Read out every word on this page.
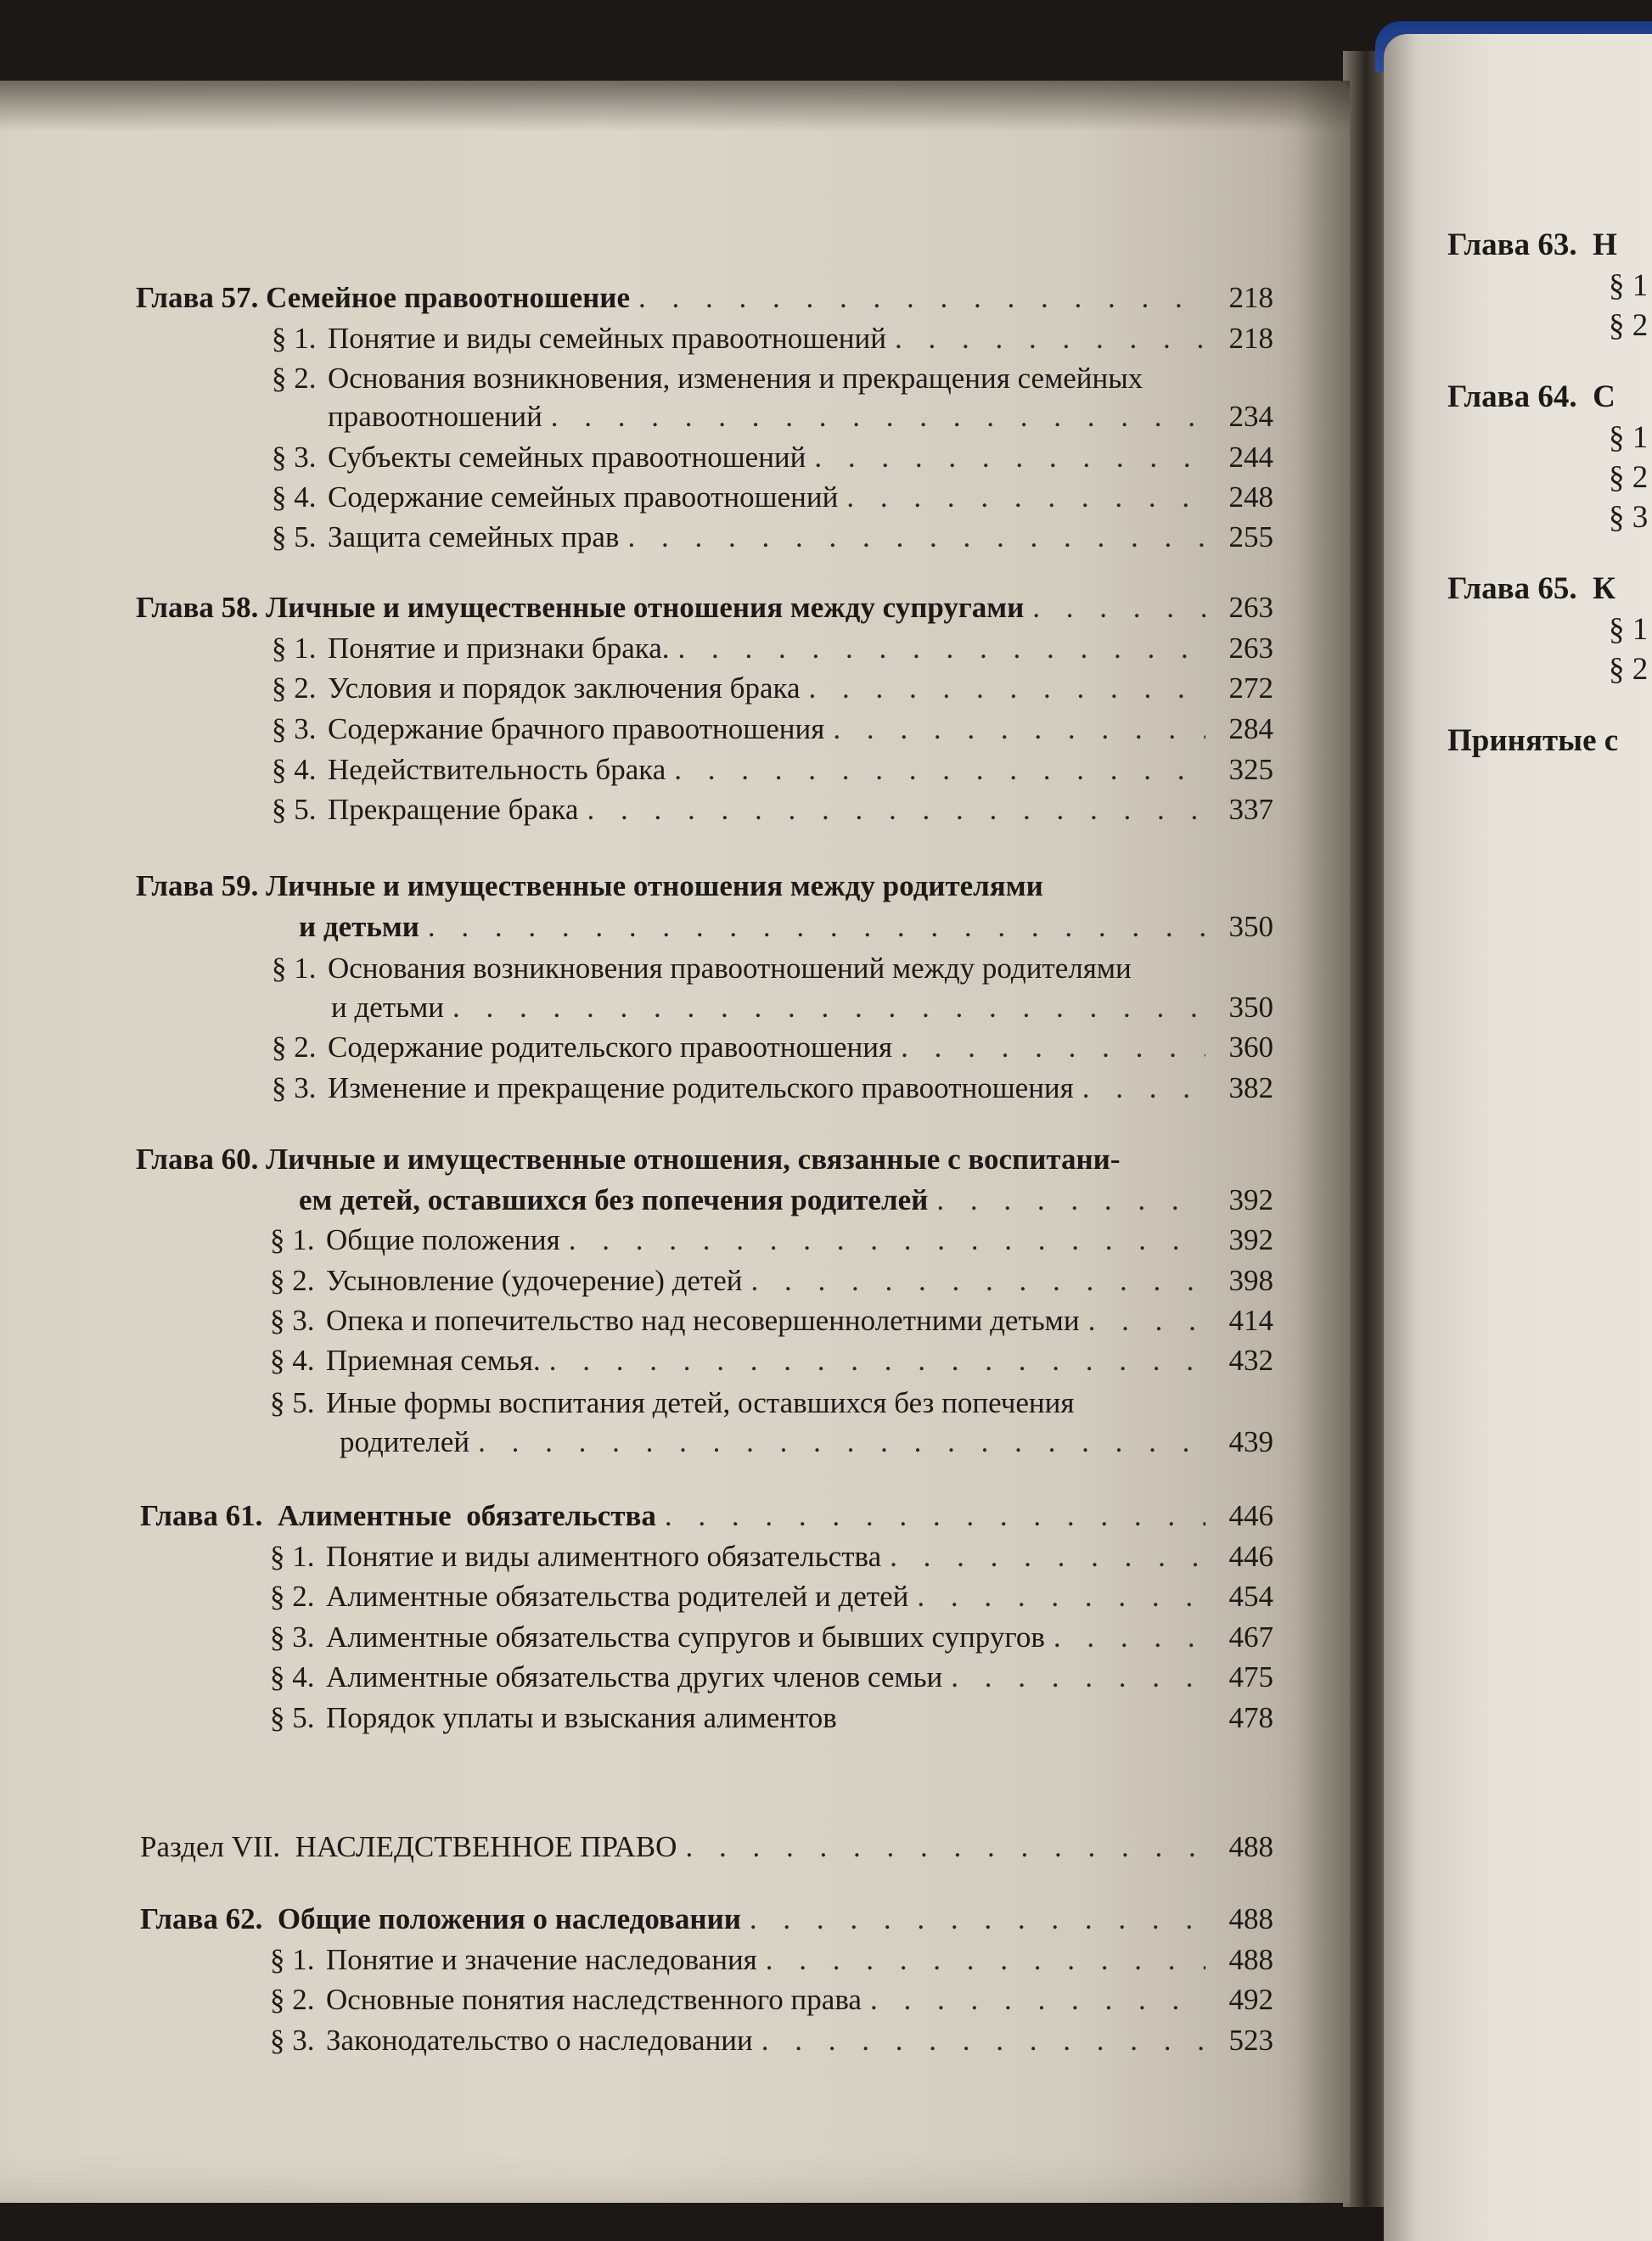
Глава 57. Семейное правоотношение . . .	218
§ 1. Понятие и виды семейных правоотношений . . .	218
§ 2. Основания возникновения, изменения и прекращения семейных
правоотношений . . .	234
§ 3. Субъекты семейных правоотношений . . .	244
§ 4. Содержание семейных правоотношений . . .	248
§ 5. Защита семейных прав . . .	255
Глава 58. Личные и имущественные отношения между супругами . . .	263
§ 1. Понятие и признаки брака. . . .	263
§ 2. Условия и порядок заключения брака . . .	272
§ 3. Содержание брачного правоотношения . . .	284
§ 4. Недействительность брака . . .	325
§ 5. Прекращение брака . . .	337
Глава 59. Личные и имущественные отношения между родителями
и детьми . . .	350
§ 1. Основания возникновения правоотношений между родителями
и детьми . . .	350
§ 2. Содержание родительского правоотношения . . .	360
§ 3. Изменение и прекращение родительского правоотношения . . .	382
Глава 60. Личные и имущественные отношения, связанные с воспитани-
ем детей, оставшихся без попечения родителей . . .	392
§ 1. Общие положения . . .	392
§ 2. Усыновление (удочерение) детей . . .	398
§ 3. Опека и попечительство над несовершеннолетними детьми . . .	414
§ 4. Приемная семья. . . .	432
§ 5. Иные формы воспитания детей, оставшихся без попечения
родителей . . .	439
Глава 61.  Алиментные  обязательства . . .	446
§ 1. Понятие и виды алиментного обязательства . . .	446
§ 2. Алиментные обязательства родителей и детей . . .	454
§ 3. Алиментные обязательства супругов и бывших супругов . . .	467
§ 4. Алиментные обязательства других членов семьи . . .	475
§ 5. Порядок уплаты и взыскания алиментов	478
Раздел VII.  НАСЛЕДСТВЕННОЕ ПРАВО . . .	488
Глава 62.  Общие положения о наследовании . . .	488
§ 1. Понятие и значение наследования . . .	488
§ 2. Основные понятия наследственного права . . .	492
§ 3. Законодательство о наследовании . . .	523
Глава 63.  Н
§ 1
§ 2
Глава 64.  С
§ 1
§ 2
§ 3
Глава 65.  К
§ 1
§ 2
Принятые с
